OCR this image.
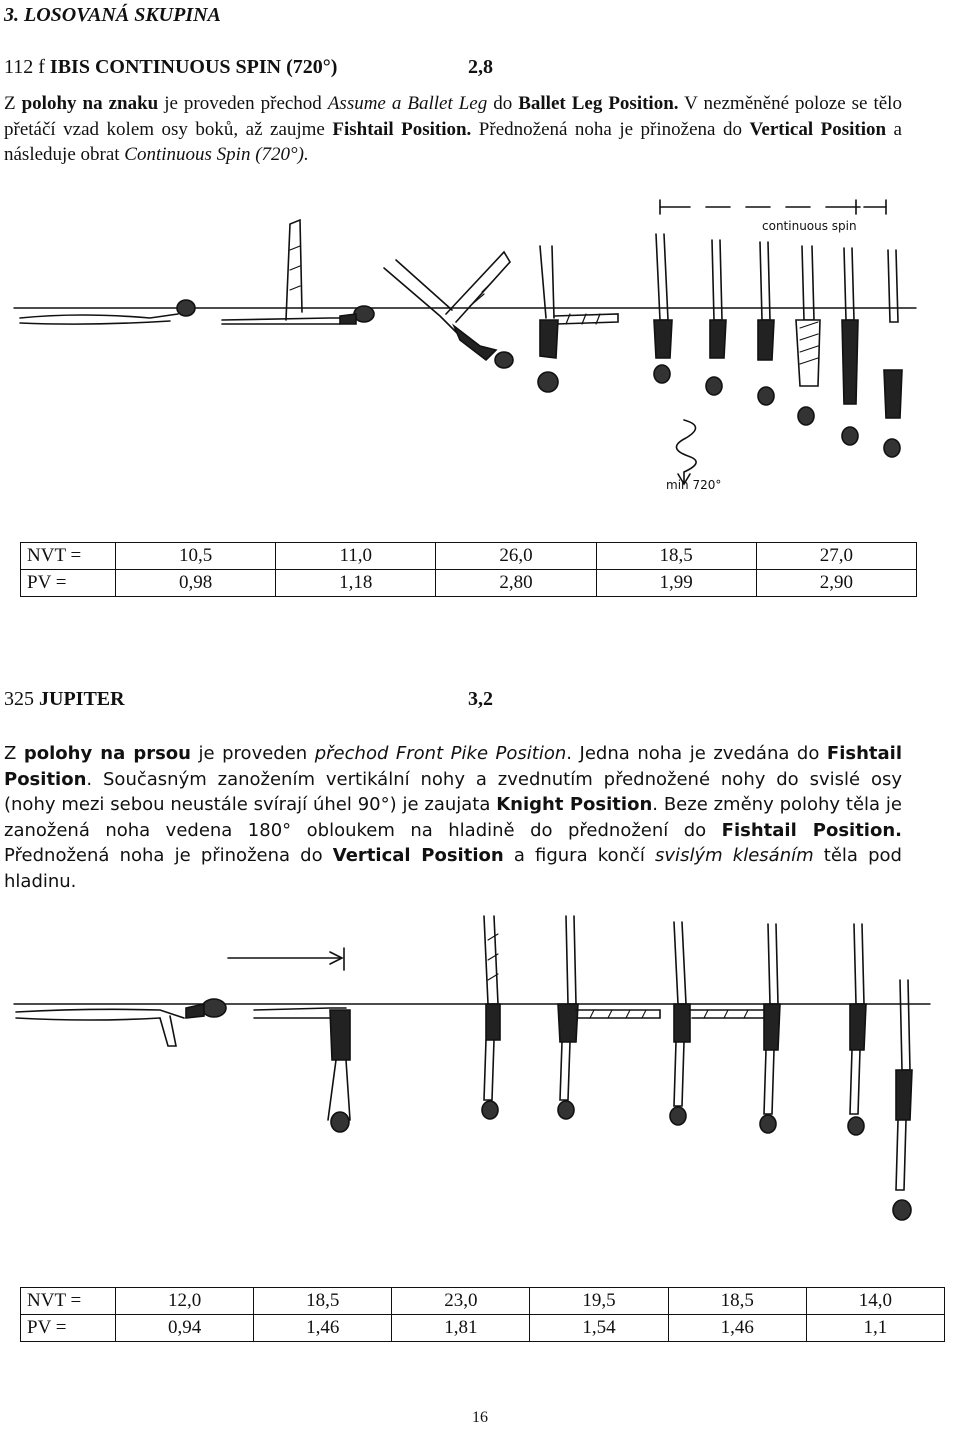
3. LOSOVANÁ SKUPINA
112 f IBIS CONTINUOUS SPIN (720°)	2,8

Z polohy na znaku je proveden přechod Assume a Ballet Leg do Ballet Leg Position. V nezměněné poloze se tělo přetáčí vzad kolem osy boků, až zaujme Fishtail Position. Přednožená noha je přinožena do Vertical Position a následuje obrat Continuous Spin (720°).

continuous spin
min 720°
NVT =	10,5	11,0	26,0	18,5	27,0
PV =	0,98	1,18	2,80	1,99	2,90
325 JUPITER	3,2

Z polohy na prsou je proveden přechod Front Pike Position. Jedna noha je zvedána do Fishtail Position. Současným zanožením vertikální nohy a zvednutím přednožené nohy do svislé osy (nohy mezi sebou neustále svírají úhel 90°) je zaujata Knight Position. Beze změny polohy těla je zanožená noha vedena 180° obloukem na hladině do přednožení do Fishtail Position. Přednožená noha je přinožena do Vertical Position a figura končí svislým klesáním těla pod hladinu.

NVT =	12,0	18,5	23,0	19,5	18,5	14,0
PV =	0,94	1,46	1,81	1,54	1,46	1,1
16
